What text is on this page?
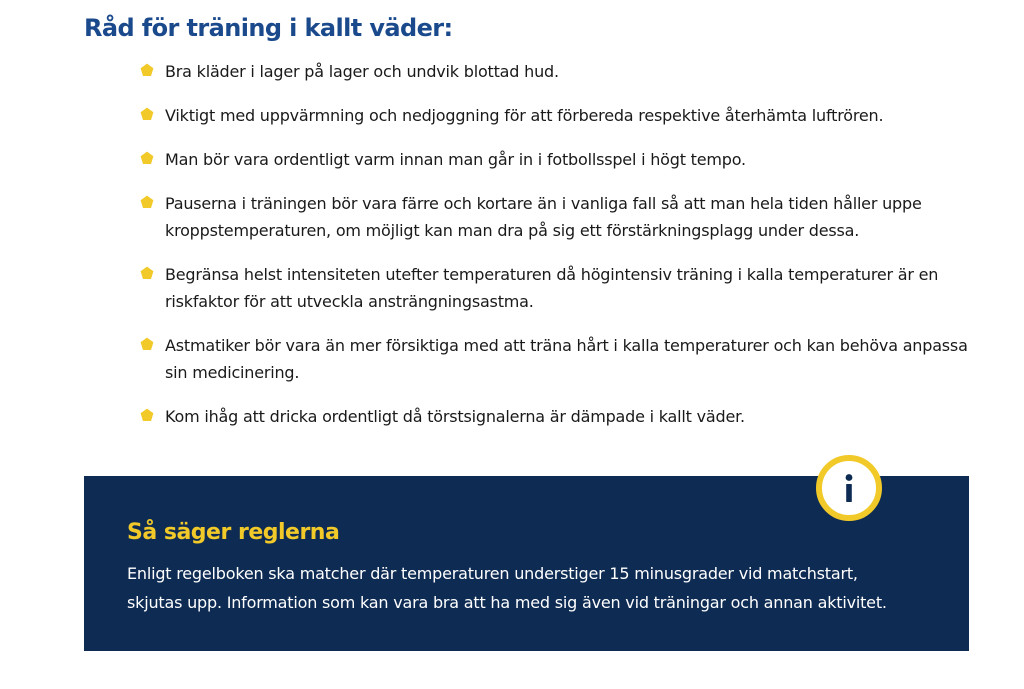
Råd för träning i kallt väder:
Bra kläder i lager på lager och undvik blottad hud.
Viktigt med uppvärmning och nedjoggning för att förbereda respektive återhämta luftrören.
Man bör vara ordentligt varm innan man går in i fotbollsspel i högt tempo.
Pauserna i träningen bör vara färre och kortare än i vanliga fall så att man hela tiden håller uppe kroppstemperaturen, om möjligt kan man dra på sig ett förstärkningsplagg under dessa.
Begränsa helst intensiteten utefter temperaturen då högintensiv träning i kalla temperaturer är en riskfaktor för att utveckla ansträngningsastma.
Astmatiker bör vara än mer försiktiga med att träna hårt i kalla temperaturer och kan behöva anpassa sin medicinering.
Kom ihåg att dricka ordentligt då törstsignalerna är dämpade i kallt väder.
Så säger reglerna

Enligt regelboken ska matcher där temperaturen understiger 15 minusgrader vid matchstart, skjutas upp. Information som kan vara bra att ha med sig även vid träningar och annan aktivitet.
